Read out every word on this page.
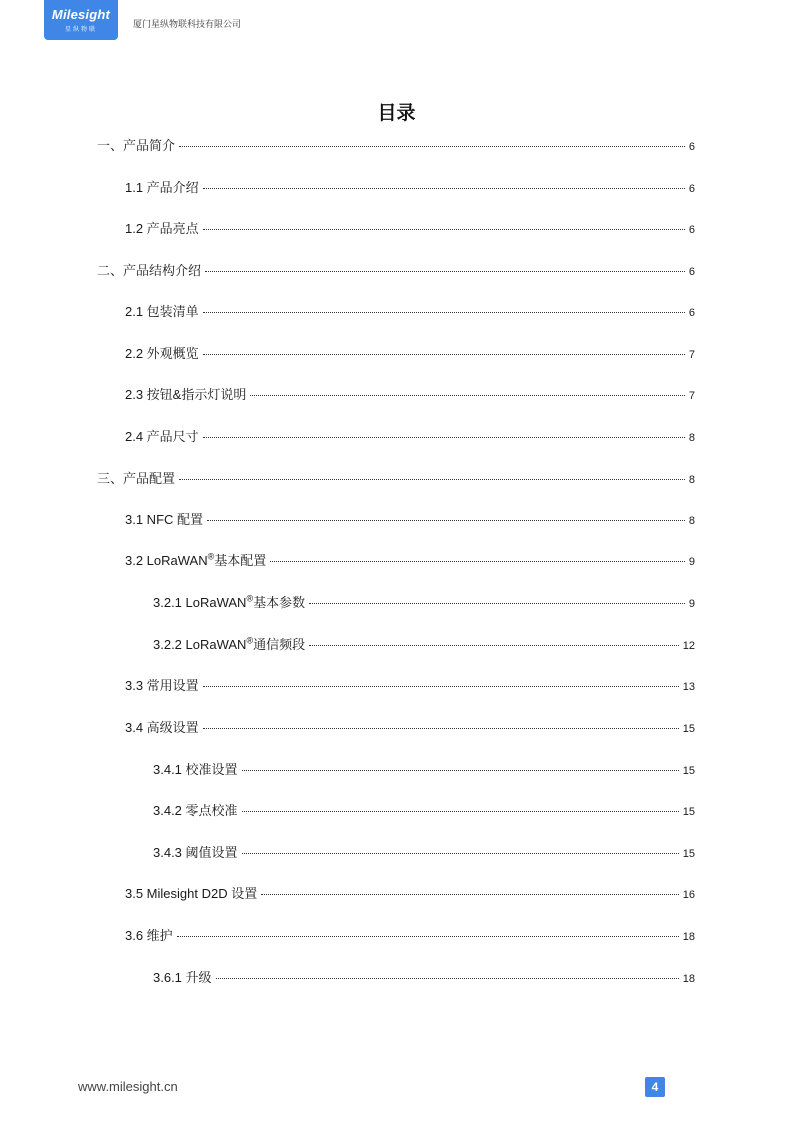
Milesight
星纵物联
厦门星纵物联科技有限公司
目录
一、产品简介	6
1.1 产品介绍	6
1.2 产品亮点	6
二、产品结构介绍	6
2.1 包装清单	6
2.2 外观概览	7
2.3 按钮&指示灯说明	7
2.4 产品尺寸	8
三、产品配置	8
3.1 NFC 配置	8
3.2 LoRaWAN®基本配置	9
3.2.1 LoRaWAN®基本参数	9
3.2.2 LoRaWAN®通信频段	12
3.3 常用设置	13
3.4 高级设置	15
3.4.1 校准设置	15
3.4.2 零点校准	15
3.4.3 阈值设置	15
3.5 Milesight D2D 设置	16
3.6 维护	18
3.6.1 升级	18
www.milesight.cn	4
